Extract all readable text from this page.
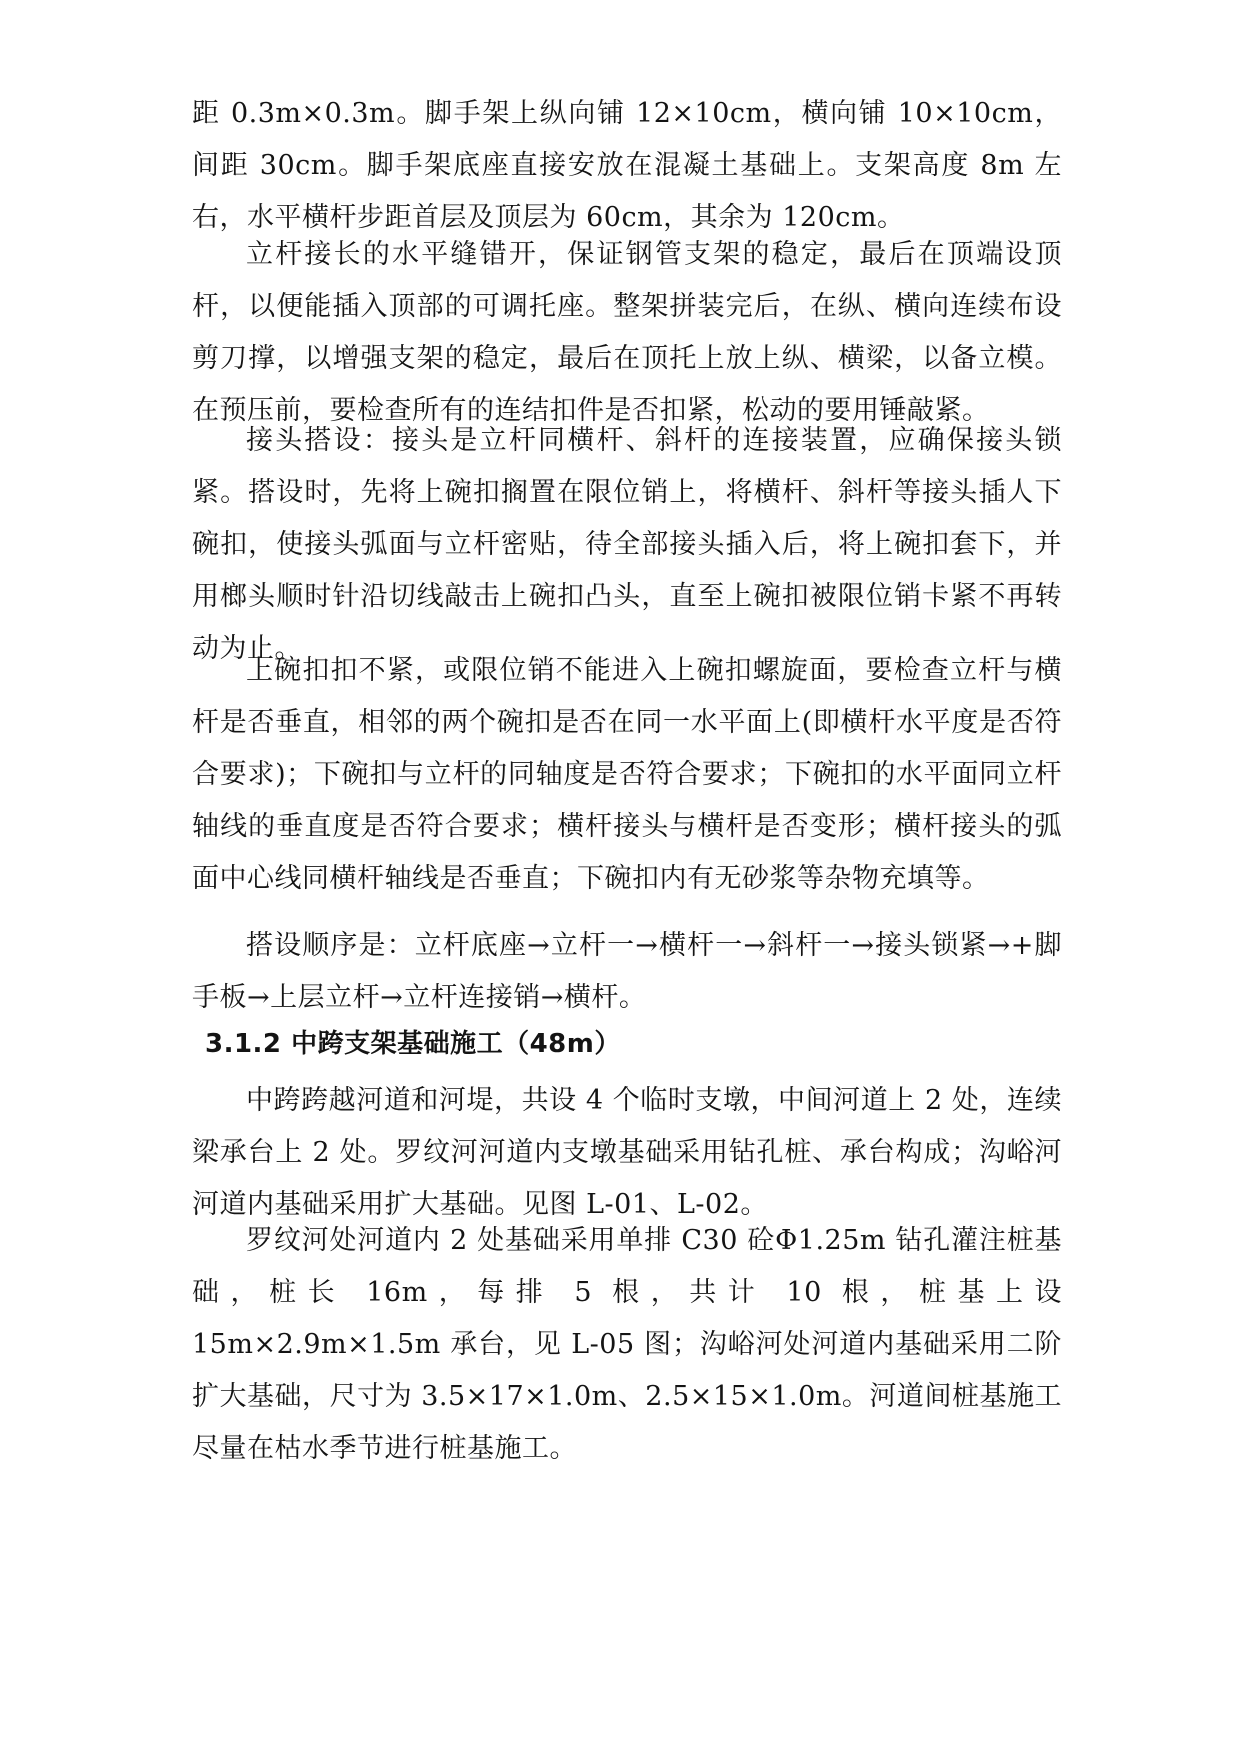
距 0.3m×0.3m。脚手架上纵向铺 12×10cm，横向铺 10×10cm，间距 30cm。脚手架底座直接安放在混凝土基础上。支架高度 8m 左右，水平横杆步距首层及顶层为 60cm，其余为 120cm。

立杆接长的水平缝错开，保证钢管支架的稳定，最后在顶端设顶杆，以便能插入顶部的可调托座。整架拼装完后，在纵、横向连续布设剪刀撑，以增强支架的稳定，最后在顶托上放上纵、横梁，以备立模。在预压前，要检查所有的连结扣件是否扣紧，松动的要用锤敲紧。

接头搭设：接头是立杆同横杆、斜杆的连接装置，应确保接头锁紧。搭设时，先将上碗扣搁置在限位销上，将横杆、斜杆等接头插人下碗扣，使接头弧面与立杆密贴，待全部接头插入后，将上碗扣套下，并用榔头顺时针沿切线敲击上碗扣凸头，直至上碗扣被限位销卡紧不再转动为止。

上碗扣扣不紧，或限位销不能进入上碗扣螺旋面，要检查立杆与横杆是否垂直，相邻的两个碗扣是否在同一水平面上(即横杆水平度是否符合要求)；下碗扣与立杆的同轴度是否符合要求；下碗扣的水平面同立杆轴线的垂直度是否符合要求；横杆接头与横杆是否变形；横杆接头的弧面中心线同横杆轴线是否垂直；下碗扣内有无砂浆等杂物充填等。

搭设顺序是：立杆底座→立杆一→横杆一→斜杆一→接头锁紧→+脚手板→上层立杆→立杆连接销→横杆。

3.1.2 中跨支架基础施工（48m）

中跨跨越河道和河堤，共设 4 个临时支墩，中间河道上 2 处，连续梁承台上 2 处。罗纹河河道内支墩基础采用钻孔桩、承台构成；沟峪河河道内基础采用扩大基础。见图 L-01、L-02。

罗纹河处河道内 2 处基础采用单排 C30 砼Φ1.25m 钻孔灌注桩基础，桩长 16m，每排 5 根，共计 10 根，桩基上设 15m×2.9m×1.5m 承台，见 L-05 图；沟峪河处河道内基础采用二阶扩大基础，尺寸为 3.5×17×1.0m、2.5×15×1.0m。河道间桩基施工尽量在枯水季节进行桩基施工。
